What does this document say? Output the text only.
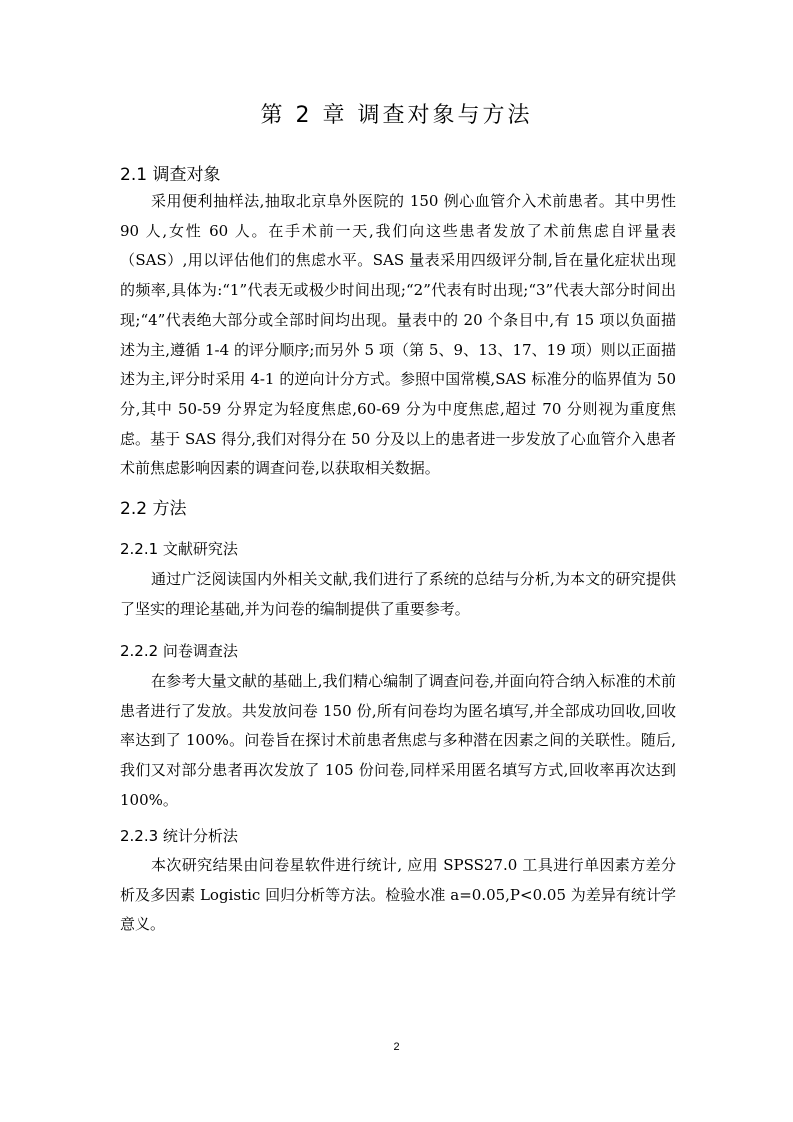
第 2 章 调查对象与方法
2.1 调查对象

采用便利抽样法,抽取北京阜外医院的 150 例心血管介入术前患者。其中男性 90 人,女性 60 人。在手术前一天,我们向这些患者发放了术前焦虑自评量表（SAS）,用以评估他们的焦虑水平。SAS 量表采用四级评分制,旨在量化症状出现的频率,具体为:“1”代表无或极少时间出现;“2”代表有时出现;“3”代表大部分时间出现;“4”代表绝大部分或全部时间均出现。量表中的 20 个条目中,有 15 项以负面描述为主,遵循 1-4 的评分顺序;而另外 5 项（第 5、9、13、17、19 项）则以正面描述为主,评分时采用 4-1 的逆向计分方式。参照中国常模,SAS 标准分的临界值为 50 分,其中 50-59 分界定为轻度焦虑,60-69 分为中度焦虑,超过 70 分则视为重度焦虑。基于 SAS 得分,我们对得分在 50 分及以上的患者进一步发放了心血管介入患者术前焦虑影响因素的调查问卷,以获取相关数据。

2.2 方法
2.2.1 文献研究法

通过广泛阅读国内外相关文献,我们进行了系统的总结与分析,为本文的研究提供了坚实的理论基础,并为问卷的编制提供了重要参考。

2.2.2 问卷调查法

在参考大量文献的基础上,我们精心编制了调查问卷,并面向符合纳入标准的术前患者进行了发放。共发放问卷 150 份,所有问卷均为匿名填写,并全部成功回收,回收率达到了 100%。问卷旨在探讨术前患者焦虑与多种潜在因素之间的关联性。随后,我们又对部分患者再次发放了 105 份问卷,同样采用匿名填写方式,回收率再次达到 100%。

2.2.3 统计分析法

本次研究结果由问卷星软件进行统计, 应用 SPSS27.0 工具进行单因素方差分析及多因素 Logistic 回归分析等方法。检验水准 a=0.05,P<0.05 为差异有统计学意义。

2
